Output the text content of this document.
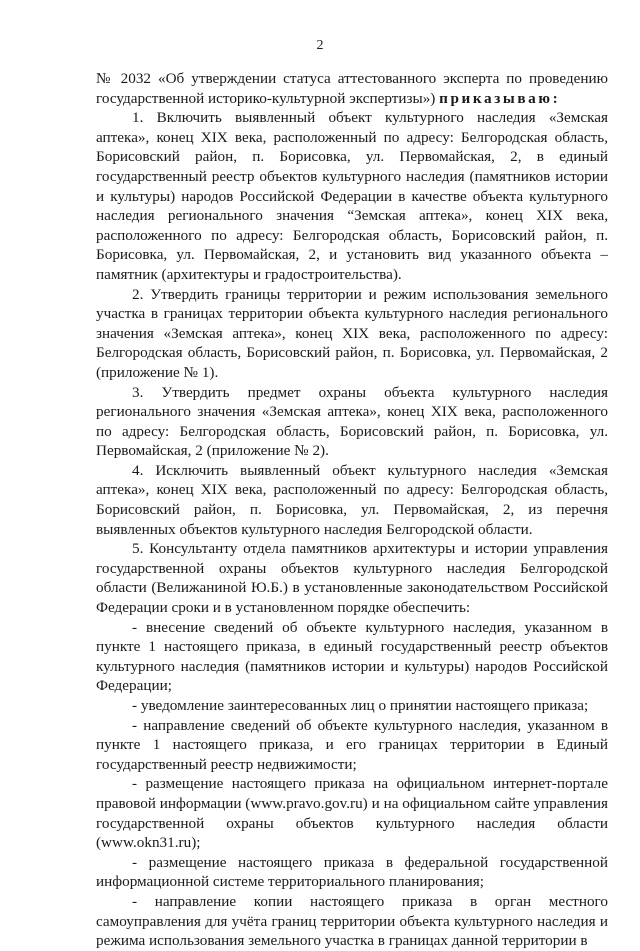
2

№ 2032 «Об утверждении статуса аттестованного эксперта по проведению государственной историко-культурной экспертизы») приказываю:

1. Включить выявленный объект культурного наследия «Земская аптека», конец XIX века, расположенный по адресу: Белгородская область, Борисовский район, п. Борисовка, ул. Первомайская, 2, в единый государственный реестр объектов культурного наследия (памятников истории и культуры) народов Российской Федерации в качестве объекта культурного наследия регионального значения “Земская аптека», конец XIX века, расположенного по адресу: Белгородская область, Борисовский район, п. Борисовка, ул. Первомайская, 2, и установить вид указанного объекта – памятник (архитектуры и градостроительства).

2. Утвердить границы территории и режим использования земельного участка в границах территории объекта культурного наследия регионального значения «Земская аптека», конец XIX века, расположенного по адресу: Белгородская область, Борисовский район, п. Борисовка, ул. Первомайская, 2 (приложение № 1).

3. Утвердить предмет охраны объекта культурного наследия регионального значения «Земская аптека», конец XIX века, расположенного по адресу: Белгородская область, Борисовский район, п. Борисовка, ул. Первомайская, 2 (приложение № 2).

4. Исключить выявленный объект культурного наследия «Земская аптека», конец XIX века, расположенный по адресу: Белгородская область, Борисовский район, п. Борисовка, ул. Первомайская, 2, из перечня выявленных объектов культурного наследия Белгородской области.

5. Консультанту отдела памятников архитектуры и истории управления государственной охраны объектов культурного наследия Белгородской области (Велижаниной Ю.Б.) в установленные законодательством Российской Федерации сроки и в установленном порядке обеспечить:

- внесение сведений об объекте культурного наследия, указанном в пункте 1 настоящего приказа, в единый государственный реестр объектов культурного наследия (памятников истории и культуры) народов Российской Федерации;

- уведомление заинтересованных лиц о принятии настоящего приказа;

- направление сведений об объекте культурного наследия, указанном в пункте 1 настоящего приказа, и его границах территории в Единый государственный реестр недвижимости;

- размещение настоящего приказа на официальном интернет-портале правовой информации (www.pravo.gov.ru) и на официальном сайте управления государственной охраны объектов культурного наследия области (www.okn31.ru);

- размещение настоящего приказа в федеральной государственной информационной системе территориального планирования;

- направление копии настоящего приказа в орган местного самоуправления для учёта границ территории объекта культурного наследия и режима использования земельного участка в границах данной территории в
